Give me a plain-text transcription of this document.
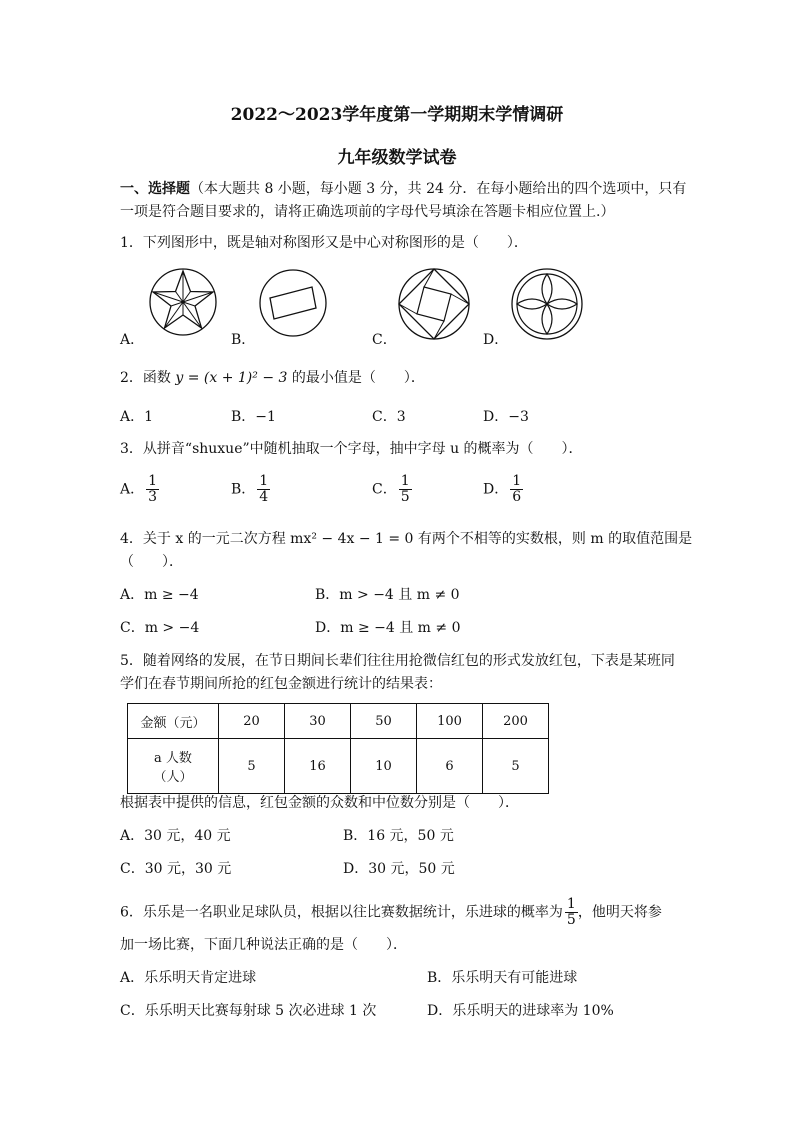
2022～2023学年度第一学期期末学情调研
九年级数学试卷
一、选择题（本大题共 8 小题，每小题 3 分，共 24 分．在每小题给出的四个选项中，只有
一项是符合题目要求的，请将正确选项前的字母代号填涂在答题卡相应位置上.）
1．下列图形中，既是轴对称图形又是中心对称图形的是（　　）．
A．	B．	C．	D．
2．函数 y = (x + 1)² − 3 的最小值是（　　）．
A．1	B．−1	C．3	D．−3
3．从拼音“shuxue”中随机抽取一个字母，抽中字母 u 的概率为（　　）．
A． $\frac{1}{3}$	B． $\frac{1}{4}$	C． $\frac{1}{5}$	D． $\frac{1}{6}$
4．关于 x 的一元二次方程 mx² − 4x − 1 = 0 有两个不相等的实数根，则 m 的取值范围是
（　　）．
A．m ≥ −4	B．m > −4 且 m ≠ 0
C．m > −4	D．m ≥ −4 且 m ≠ 0
5．随着网络的发展，在节日期间长辈们往往用抢微信红包的形式发放红包，下表是某班同
学们在春节期间所抢的红包金额进行统计的结果表：
金额（元）	20	30	50	100	200

a 人数
（人）	5	16	10	6	5
根据表中提供的信息，红包金额的众数和中位数分别是（　　）．
A．30 元，40 元	B．16 元，50 元
C．30 元，30 元	D．30 元，50 元
6．乐乐是一名职业足球队员，根据以往比赛数据统计，乐进球的概率为 $\frac{1}{5}$ ，他明天将参
加一场比赛，下面几种说法正确的是（　　）．
A．乐乐明天肯定进球	B．乐乐明天有可能进球
C．乐乐明天比赛每射球 5 次必进球 1 次	D．乐乐明天的进球率为 10%
